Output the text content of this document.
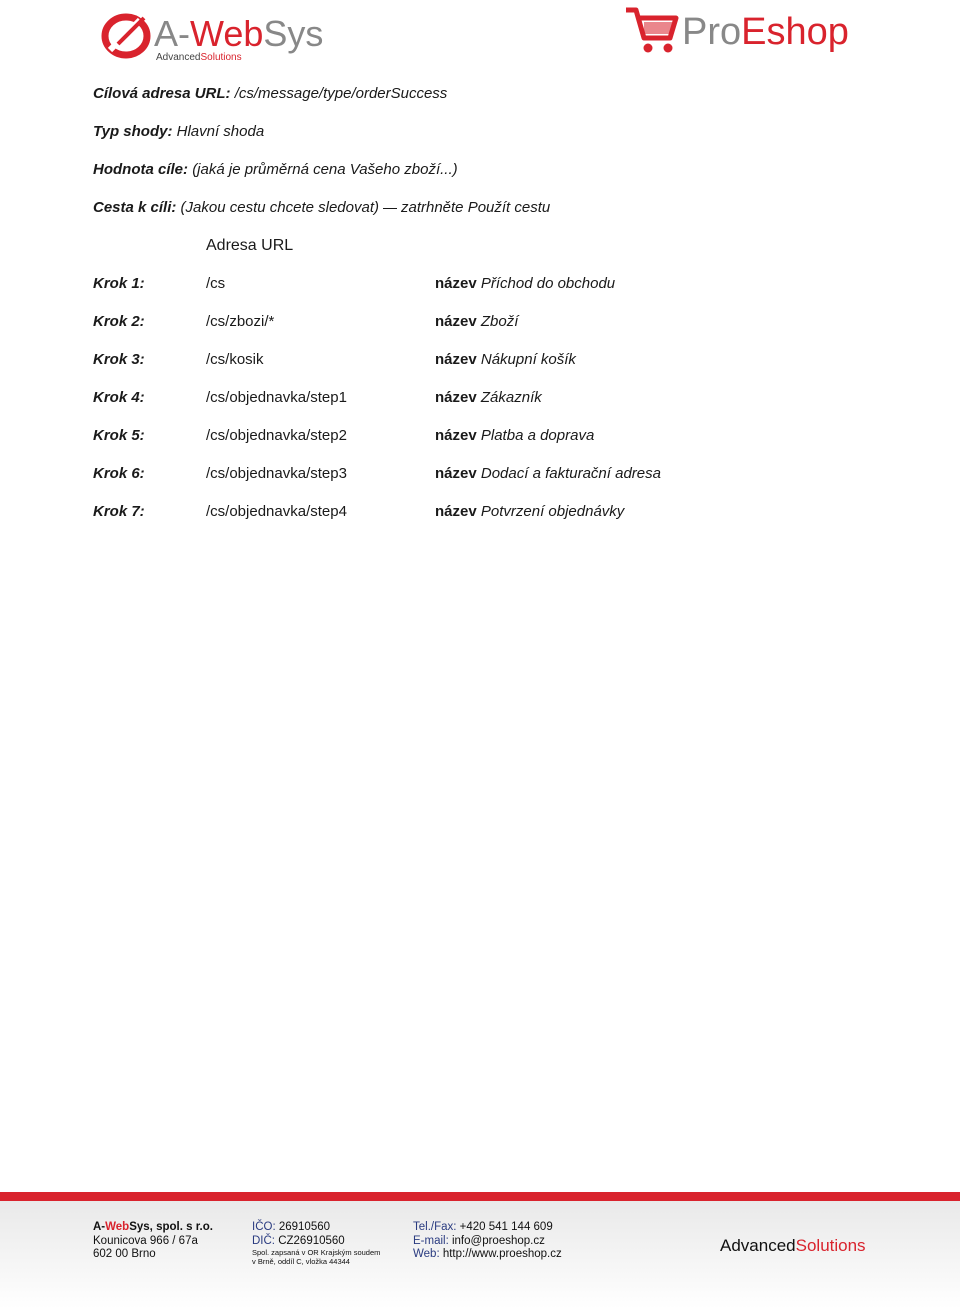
A-WebSys
AdvancedSolutions
ProEshop
Cílová adresa URL: /cs/message/type/orderSuccess
Typ shody: Hlavní shoda
Hodnota cíle: (jaká je průměrná cena Vašeho zboží...)
Cesta k cíli: (Jakou cestu chcete sledovat) zatrhněte Použít cestu
Adresa URL
Krok 1:	/cs	název Příchod do obchodu
Krok 2:	/cs/zbozi/*	název Zboží
Krok 3:	/cs/kosik	název Nákupní košík
Krok 4:	/cs/objednavka/step1	název Zákazník
Krok 5:	/cs/objednavka/step2	název Platba a doprava
Krok 6:	/cs/objednavka/step3	název Dodací a fakturační adresa
Krok 7:	/cs/objednavka/step4	název Potvrzení objednávky
A-WebSys, spol. s r.o.
Kounicova 966 / 67a
602 00 Brno
IČO: 26910560
DIČ: CZ26910560
Spol. zapsaná v OR Krajským soudem
v Brně, oddíl C, vložka 44344
Tel./Fax: +420 541 144 609
E-mail: info@proeshop.cz
Web: http://www.proeshop.cz	AdvancedSolutions
